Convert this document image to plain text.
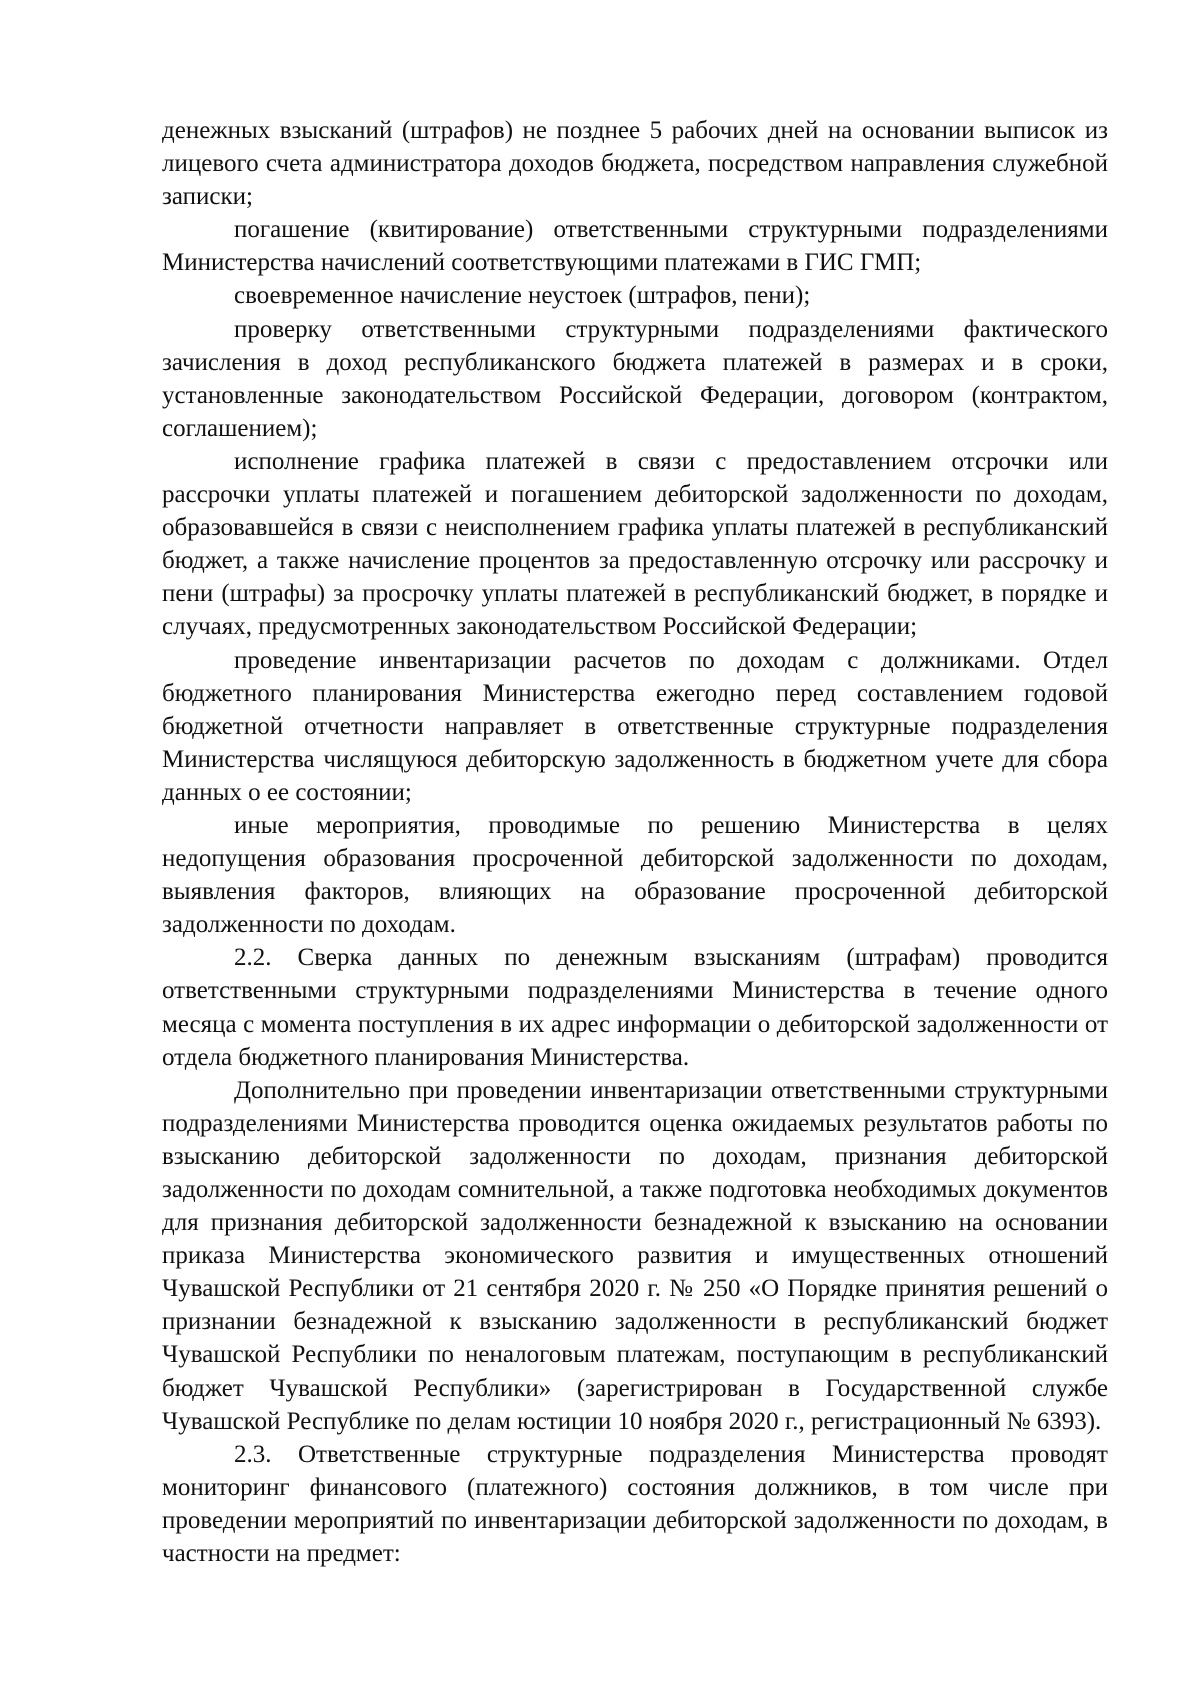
денежных взысканий (штрафов) не позднее 5 рабочих дней на основании выписок из лицевого счета администратора доходов бюджета, посредством направления служебной записки;

погашение (квитирование) ответственными структурными подразделениями Министерства начислений соответствующими платежами в ГИС ГМП;

своевременное начисление неустоек (штрафов, пени);

проверку ответственными структурными подразделениями фактического зачисления в доход республиканского бюджета платежей в размерах и в сроки, установленные законодательством Российской Федерации, договором (контрактом, соглашением);

исполнение графика платежей в связи с предоставлением отсрочки или рассрочки уплаты платежей и погашением дебиторской задолженности по доходам, образовавшейся в связи с неисполнением графика уплаты платежей в республиканский бюджет, а также начисление процентов за предоставленную отсрочку или рассрочку и пени (штрафы) за просрочку уплаты платежей в республиканский бюджет, в порядке и случаях, предусмотренных законодательством Российской Федерации;

проведение инвентаризации расчетов по доходам с должниками. Отдел бюджетного планирования Министерства ежегодно перед составлением годовой бюджетной отчетности направляет в ответственные структурные подразделения Министерства числящуюся дебиторскую задолженность в бюджетном учете для сбора данных о ее состоянии;

иные мероприятия, проводимые по решению Министерства в целях недопущения образования просроченной дебиторской задолженности по доходам, выявления факторов, влияющих на образование просроченной дебиторской задолженности по доходам.

2.2. Сверка данных по денежным взысканиям (штрафам) проводится ответственными структурными подразделениями Министерства в течение одного месяца с момента поступления в их адрес информации о дебиторской задолженности от отдела бюджетного планирования Министерства.

Дополнительно при проведении инвентаризации ответственными структурными подразделениями Министерства проводится оценка ожидаемых результатов работы по взысканию дебиторской задолженности по доходам, признания дебиторской задолженности по доходам сомнительной, а также подготовка необходимых документов для признания дебиторской задолженности безнадежной к взысканию на основании приказа Министерства экономического развития и имущественных отношений Чувашской Республики от 21 сентября 2020 г. № 250 «О Порядке принятия решений о признании безнадежной к взысканию задолженности в республиканский бюджет Чувашской Республики по неналоговым платежам, поступающим в республиканский бюджет Чувашской Республики» (зарегистрирован в Государственной службе Чувашской Республике по делам юстиции 10 ноября 2020 г., регистрационный № 6393).

2.3. Ответственные структурные подразделения Министерства проводят мониторинг финансового (платежного) состояния должников, в том числе при проведении мероприятий по инвентаризации дебиторской задолженности по доходам, в частности на предмет:
